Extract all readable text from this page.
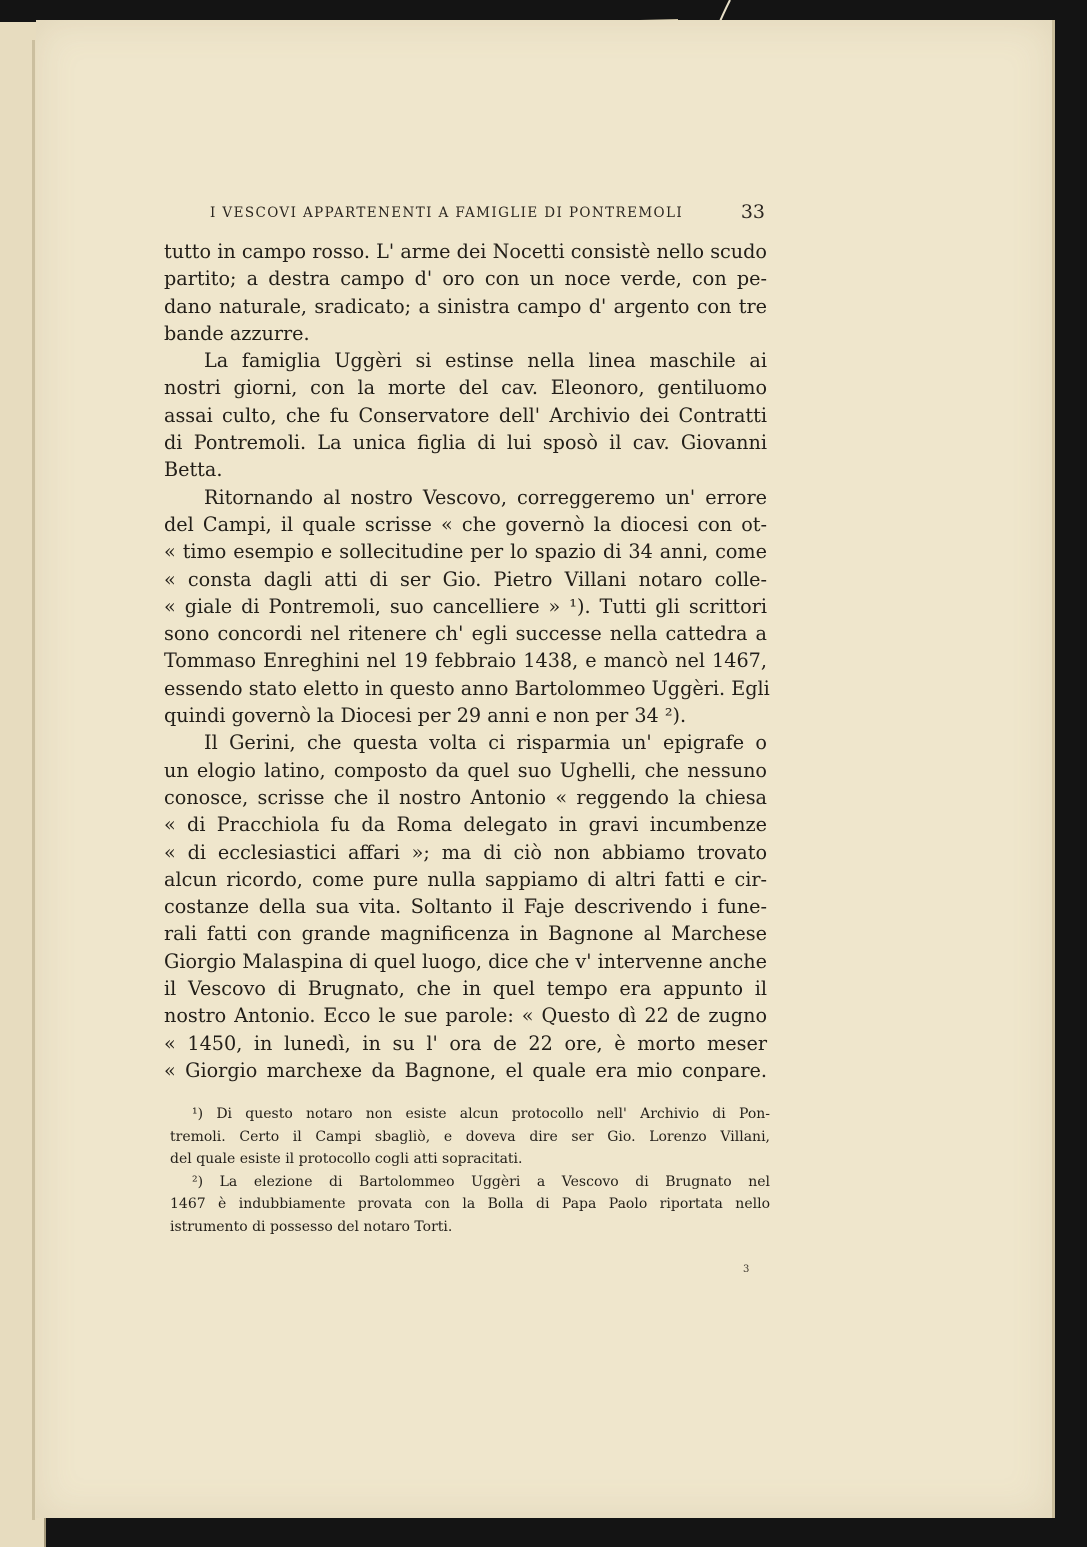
I VESCOVI APPARTENENTI A FAMIGLIE DI PONTREMOLI	33
tutto in campo rosso. L' arme dei Nocetti consistè nello scudo
partito; a destra campo d' oro con un noce verde, con pe-
dano naturale, sradicato; a sinistra campo d' argento con tre
bande azzurre.
La famiglia Uggèri si estinse nella linea maschile ai
nostri giorni, con la morte del cav. Eleonoro, gentiluomo
assai culto, che fu Conservatore dell' Archivio dei Contratti
di Pontremoli. La unica figlia di lui sposò il cav. Giovanni
Betta.
Ritornando al nostro Vescovo, correggeremo un' errore
del Campi, il quale scrisse « che governò la diocesi con ot-
« timo esempio e sollecitudine per lo spazio di 34 anni, come
« consta dagli atti di ser Gio. Pietro Villani notaro colle-
« giale di Pontremoli, suo cancelliere » ¹). Tutti gli scrittori
sono concordi nel ritenere ch' egli successe nella cattedra a
Tommaso Enreghini nel 19 febbraio 1438, e mancò nel 1467,
essendo stato eletto in questo anno Bartolommeo Uggèri. Egli
quindi governò la Diocesi per 29 anni e non per 34 ²).
Il Gerini, che questa volta ci risparmia un' epigrafe o
un elogio latino, composto da quel suo Ughelli, che nessuno
conosce, scrisse che il nostro Antonio « reggendo la chiesa
« di Pracchiola fu da Roma delegato in gravi incumbenze
« di ecclesiastici affari »; ma di ciò non abbiamo trovato
alcun ricordo, come pure nulla sappiamo di altri fatti e cir-
costanze della sua vita. Soltanto il Faje descrivendo i fune-
rali fatti con grande magnificenza in Bagnone al Marchese
Giorgio Malaspina di quel luogo, dice che v' intervenne anche
il Vescovo di Brugnato, che in quel tempo era appunto il
nostro Antonio. Ecco le sue parole: « Questo dì 22 de zugno
« 1450, in lunedì, in su l' ora de 22 ore, è morto meser
« Giorgio marchexe da Bagnone, el quale era mio conpare.
¹) Di questo notaro non esiste alcun protocollo nell' Archivio di Pon-
tremoli. Certo il Campi sbagliò, e doveva dire ser Gio. Lorenzo Villani,
del quale esiste il protocollo cogli atti sopracitati.
²) La elezione di Bartolommeo Uggèri a Vescovo di Brugnato nel
1467 è indubbiamente provata con la Bolla di Papa Paolo riportata nello
istrumento di possesso del notaro Torti.
3
